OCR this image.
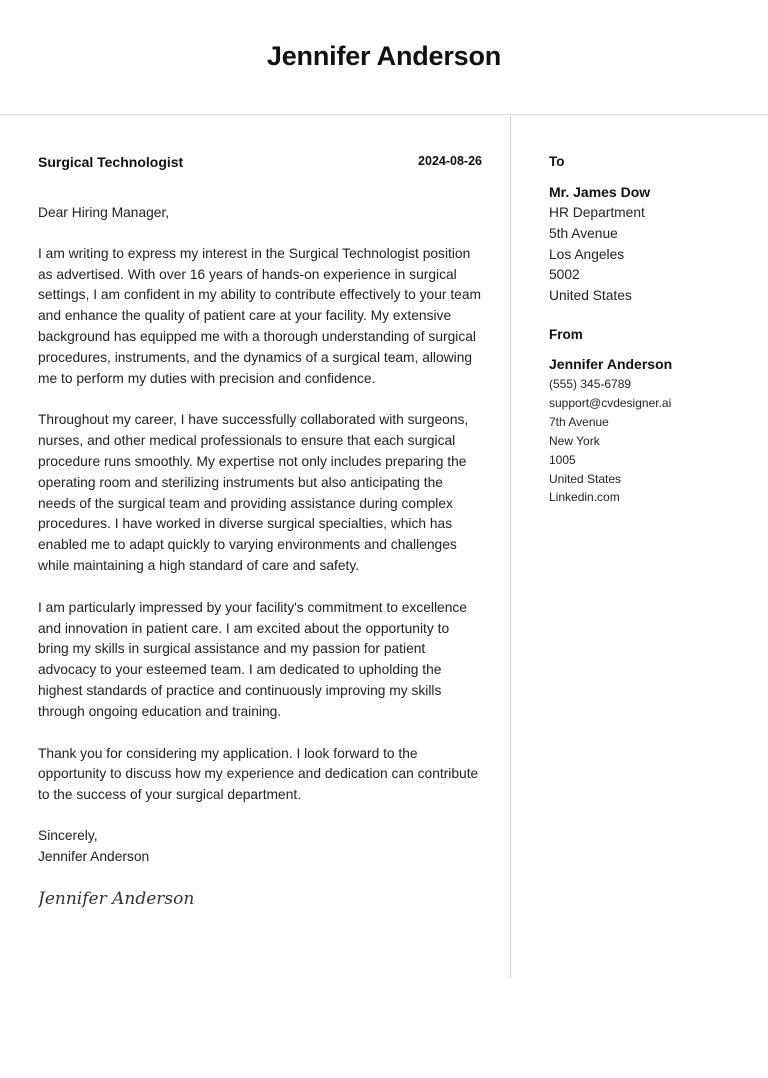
Jennifer Anderson
Surgical Technologist	2024-08-26
Dear Hiring Manager,
I am writing to express my interest in the Surgical Technologist position as advertised. With over 16 years of hands-on experience in surgical settings, I am confident in my ability to contribute effectively to your team and enhance the quality of patient care at your facility. My extensive background has equipped me with a thorough understanding of surgical procedures, instruments, and the dynamics of a surgical team, allowing me to perform my duties with precision and confidence.
Throughout my career, I have successfully collaborated with surgeons, nurses, and other medical professionals to ensure that each surgical procedure runs smoothly. My expertise not only includes preparing the operating room and sterilizing instruments but also anticipating the needs of the surgical team and providing assistance during complex procedures. I have worked in diverse surgical specialties, which has enabled me to adapt quickly to varying environments and challenges while maintaining a high standard of care and safety.
I am particularly impressed by your facility's commitment to excellence and innovation in patient care. I am excited about the opportunity to bring my skills in surgical assistance and my passion for patient advocacy to your esteemed team. I am dedicated to upholding the highest standards of practice and continuously improving my skills through ongoing education and training.
Thank you for considering my application. I look forward to the opportunity to discuss how my experience and dedication can contribute to the success of your surgical department.
Sincerely,
Jennifer Anderson
Jennifer Anderson
To
Mr. James Dow
HR Department
5th Avenue
Los Angeles
5002
United States
From
Jennifer Anderson
(555) 345-6789
support@cvdesigner.ai
7th Avenue
New York
1005
United States
Linkedin.com
